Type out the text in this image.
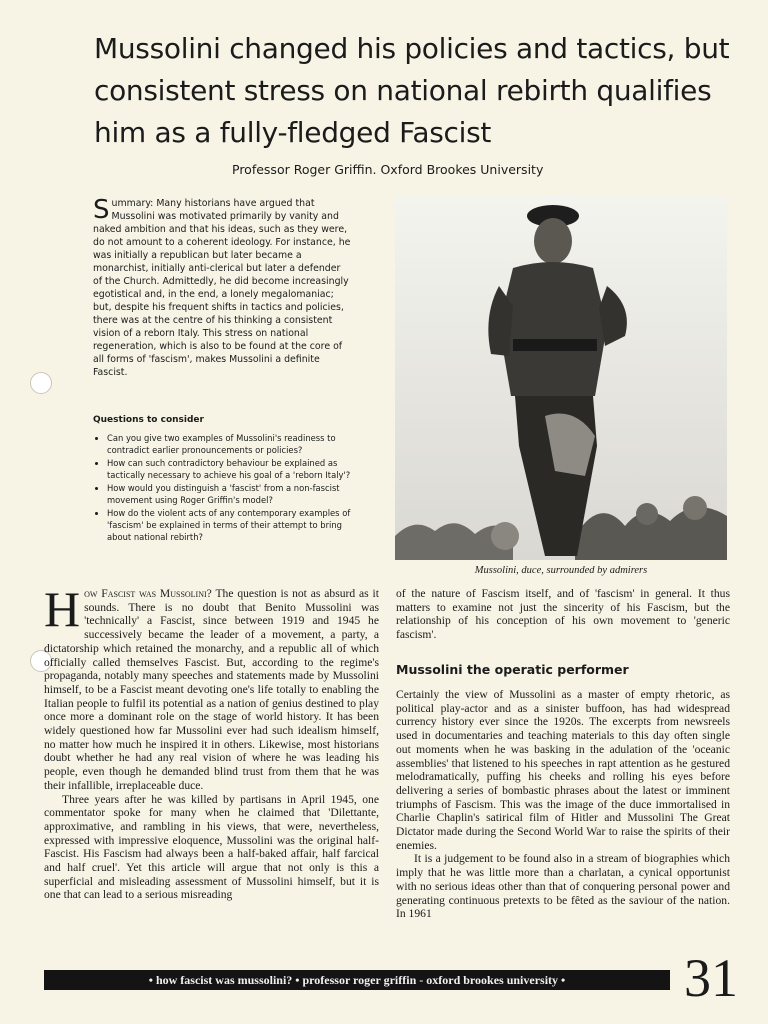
Mussolini changed his policies and tactics, but consistent stress on national rebirth qualifies him as a fully-fledged Fascist
Professor Roger Griffin. Oxford Brookes University

Summary: Many historians have argued that Mussolini was motivated primarily by vanity and naked ambition and that his ideas, such as they were, do not amount to a coherent ideology. For instance, he was initially a republican but later became a monarchist, initially anti-clerical but later a defender of the Church. Admittedly, he did become increasingly egotistical and, in the end, a lonely megalomaniac; but, despite his frequent shifts in tactics and policies, there was at the centre of his thinking a consistent vision of a reborn Italy. This stress on national regeneration, which is also to be found at the core of all forms of 'fascism', makes Mussolini a definite Fascist.

Questions to consider
• Can you give two examples of Mussolini's readiness to contradict earlier pronouncements or policies?
• How can such contradictory behaviour be explained as tactically necessary to achieve his goal of a 'reborn Italy'?
• How would you distinguish a 'fascist' from a non-fascist movement using Roger Griffin's model?
• How do the violent acts of any contemporary examples of 'fascism' be explained in terms of their attempt to bring about national rebirth?
Mussolini, duce, surrounded by admirers

How Fascist was Mussolini? The question is not as absurd as it sounds. There is no doubt that Benito Mussolini was 'technically' a Fascist, since between 1919 and 1945 he successively became the leader of a movement, a party, a dictatorship which retained the monarchy, and a republic all of which officially called themselves Fascist. But, according to the regime's propaganda, notably many speeches and statements made by Mussolini himself, to be a Fascist meant devoting one's life totally to enabling the Italian people to fulfil its potential as a nation of genius destined to play once more a dominant role on the stage of world history. It has been widely questioned how far Mussolini ever had such idealism himself, no matter how much he inspired it in others. Likewise, most historians doubt whether he had any real vision of where he was leading his people, even though he demanded blind trust from them that he was their infallible, irreplaceable duce.

Three years after he was killed by partisans in April 1945, one commentator spoke for many when he claimed that 'Dilettante, approximative, and rambling in his views, that were, nevertheless, expressed with impressive eloquence, Mussolini was the original half-Fascist. His Fascism had always been a half-baked affair, half farcical and half cruel'. Yet this article will argue that not only is this a superficial and misleading assessment of Mussolini himself, but it is one that can lead to a serious misreading

of the nature of Fascism itself, and of 'fascism' in general. It thus matters to examine not just the sincerity of his Fascism, but the relationship of his conception of his own movement to 'generic fascism'.

Mussolini the operatic performer

Certainly the view of Mussolini as a master of empty rhetoric, as political play-actor and as a sinister buffoon, has had widespread currency history ever since the 1920s. The excerpts from newsreels used in documentaries and teaching materials to this day often single out moments when he was basking in the adulation of the 'oceanic assemblies' that listened to his speeches in rapt attention as he gestured melodramatically, puffing his cheeks and rolling his eyes before delivering a series of bombastic phrases about the latest or imminent triumphs of Fascism. This was the image of the duce immortalised in Charlie Chaplin's satirical film of Hitler and Mussolini The Great Dictator made during the Second World War to raise the spirits of their enemies.

It is a judgement to be found also in a stream of biographies which imply that he was little more than a charlatan, a cynical opportunist with no serious ideas other than that of conquering personal power and generating continuous pretexts to be fêted as the saviour of the nation. In 1961

• how fascist was mussolini? • professor roger griffin - oxford brookes university •	31
